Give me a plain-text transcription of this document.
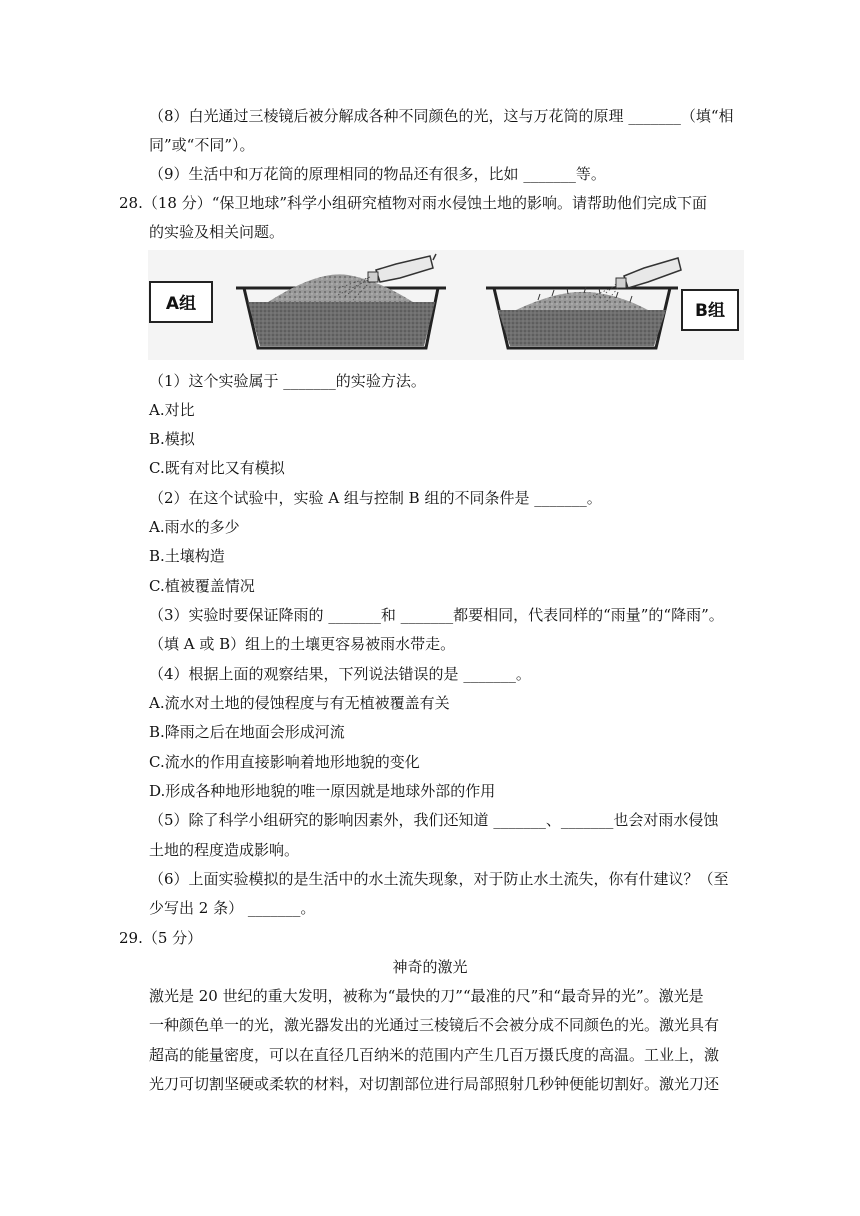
（8）白光通过三棱镜后被分解成各种不同颜色的光，这与万花筒的原理 _______（填“相
同”或“不同”）。
（9）生活中和万花筒的原理相同的物品还有很多，比如 _______等。
28.（18 分）“保卫地球”科学小组研究植物对雨水侵蚀土地的影响。请帮助他们完成下面
的实验及相关问题。
A组	B组
（1）这个实验属于 _______的实验方法。
A.对比
B.模拟
C.既有对比又有模拟
（2）在这个试验中，实验 A 组与控制 B 组的不同条件是 _______。
A.雨水的多少
B.土壤构造
C.植被覆盖情况
（3）实验时要保证降雨的 _______和 _______都要相同，代表同样的“雨量”的“降雨”。
（填 A 或 B）组上的土壤更容易被雨水带走。
（4）根据上面的观察结果，下列说法错误的是 _______。
A.流水对土地的侵蚀程度与有无植被覆盖有关
B.降雨之后在地面会形成河流
C.流水的作用直接影响着地形地貌的变化
D.形成各种地形地貌的唯一原因就是地球外部的作用
（5）除了科学小组研究的影响因素外，我们还知道 _______、_______也会对雨水侵蚀
土地的程度造成影响。
（6）上面实验模拟的是生活中的水土流失现象，对于防止水土流失，你有什建议？（至
少写出 2 条） _______。
29.（5 分）
神奇的激光
激光是 20 世纪的重大发明，被称为“最快的刀”“最准的尺”和“最奇异的光”。激光是
一种颜色单一的光，激光器发出的光通过三棱镜后不会被分成不同颜色的光。激光具有
超高的能量密度，可以在直径几百纳米的范围内产生几百万摄氏度的高温。工业上，激
光刀可切割坚硬或柔软的材料，对切割部位进行局部照射几秒钟便能切割好。激光刀还
